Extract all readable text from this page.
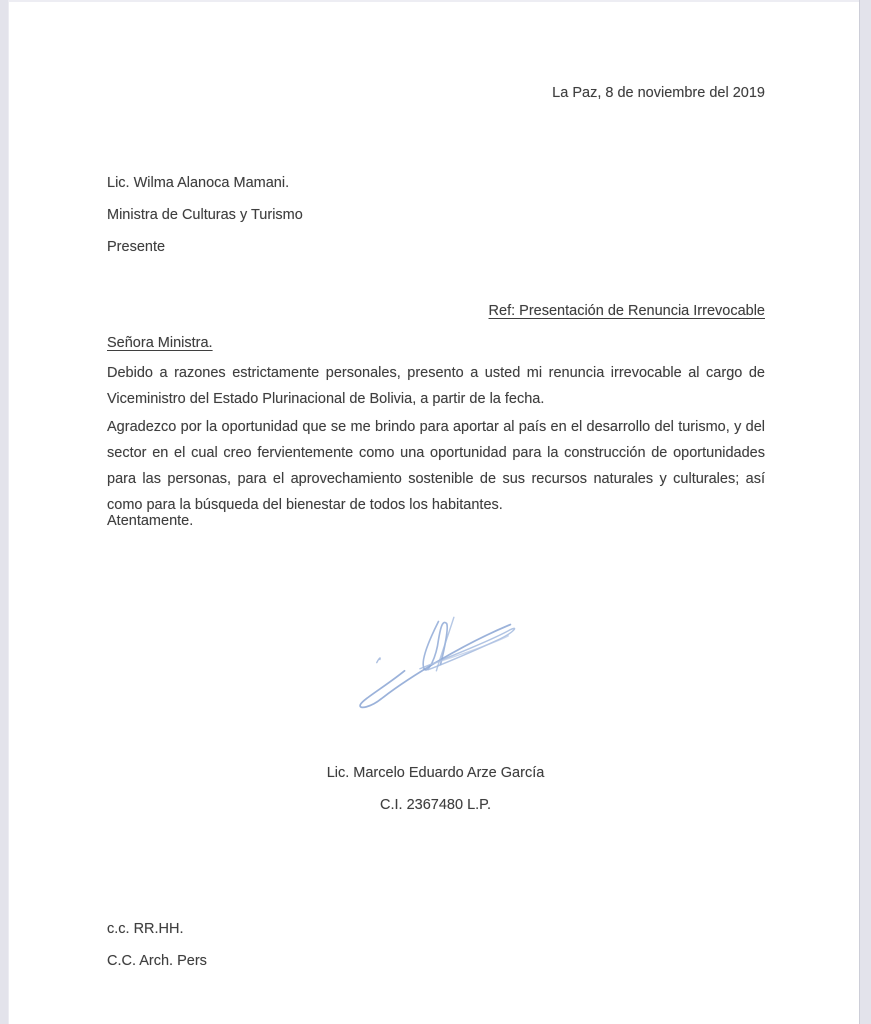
La Paz, 8 de noviembre del 2019
Lic. Wilma Alanoca Mamani.
Ministra de Culturas y Turismo
Presente
Ref: Presentación de Renuncia Irrevocable
Señora Ministra.

Debido a razones estrictamente personales, presento a usted mi renuncia irrevocable al cargo de Viceministro del Estado Plurinacional de Bolivia, a partir de la fecha.

Agradezco por la oportunidad que se me brindo para aportar al país en el desarrollo del turismo, y del sector en el cual creo fervientemente como una oportunidad para la construcción de oportunidades para las personas, para el aprovechamiento sostenible de sus recursos naturales y culturales; así como para la búsqueda del bienestar de todos los habitantes.

Atentamente.
Lic. Marcelo Eduardo Arze García
C.I. 2367480 L.P.
c.c. RR.HH.
C.C. Arch. Pers
